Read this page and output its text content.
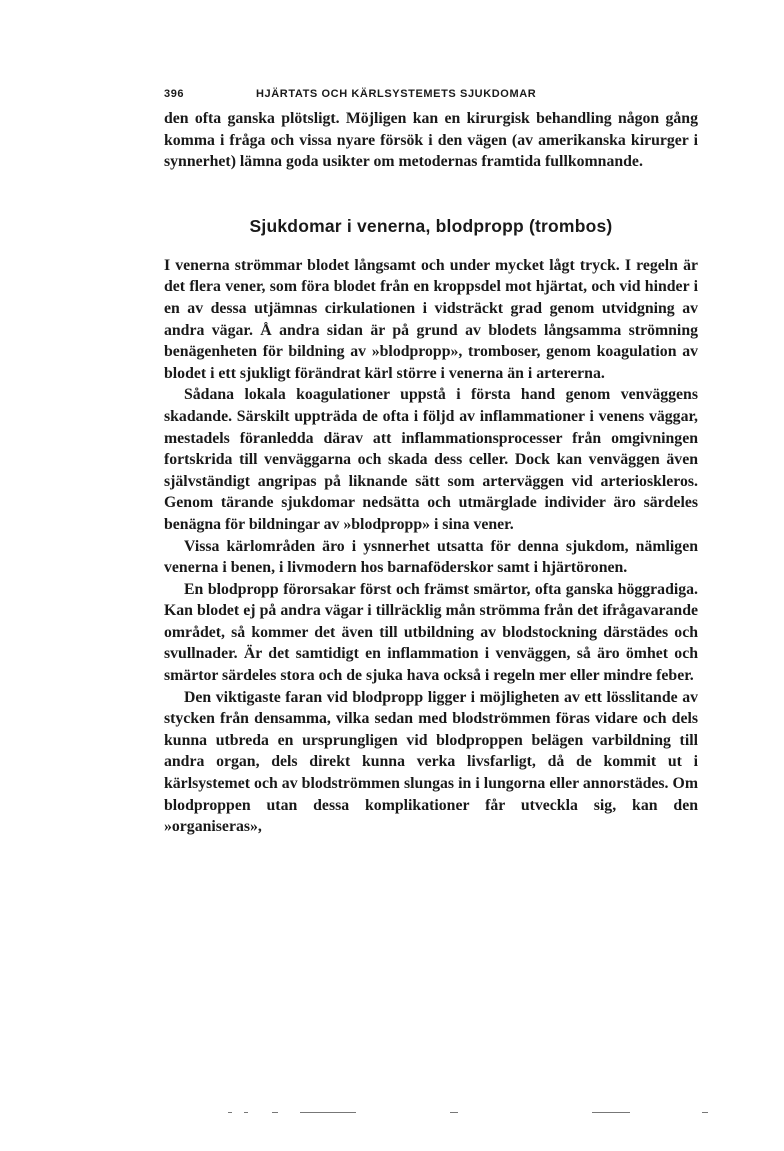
396	HJÄRTATS OCH KÄRLSYSTEMETS SJUKDOMAR

den ofta ganska plötsligt. Möjligen kan en kirurgisk behandling någon gång komma i fråga och vissa nyare försök i den vägen (av amerikanska kirurger i synnerhet) lämna goda usikter om metodernas framtida fullkomnande.

Sjukdomar i venerna, blodpropp (trombos)

I venerna strömmar blodet långsamt och under mycket lågt tryck. I regeln är det flera vener, som föra blodet från en kroppsdel mot hjärtat, och vid hinder i en av dessa utjämnas cirkulationen i vidsträckt grad genom utvidgning av andra vägar. Å andra sidan är på grund av blodets långsamma strömning benägenheten för bildning av »blodpropp», tromboser, genom koagulation av blodet i ett sjukligt förändrat kärl större i venerna än i artererna.

Sådana lokala koagulationer uppstå i första hand genom venväggens skadande. Särskilt uppträda de ofta i följd av inflammationer i venens väggar, mestadels föranledda därav att inflammationsprocesser från omgivningen fortskrida till venväggarna och skada dess celler. Dock kan venväggen även självständigt angripas på liknande sätt som arterväggen vid arterioskleros. Genom tärande sjukdomar nedsätta och utmärglade individer äro särdeles benägna för bildningar av »blodpropp» i sina vener.

Vissa kärlområden äro i ysnnerhet utsatta för denna sjukdom, nämligen venerna i benen, i livmodern hos barnaföderskor samt i hjärtöronen.

En blodpropp förorsakar först och främst smärtor, ofta ganska höggradiga. Kan blodet ej på andra vägar i tillräcklig mån strömma från det ifrågavarande området, så kommer det även till utbildning av blodstockning därstädes och svullnader. Är det samtidigt en inflammation i venväggen, så äro ömhet och smärtor särdeles stora och de sjuka hava också i regeln mer eller mindre feber.

Den viktigaste faran vid blodpropp ligger i möjligheten av ett lösslitande av stycken från densamma, vilka sedan med blodströmmen föras vidare och dels kunna utbreda en ursprungligen vid blodproppen belägen varbildning till andra organ, dels direkt kunna verka livsfarligt, då de kommit ut i kärlsystemet och av blodströmmen slungas in i lungorna eller annorstädes. Om blodproppen utan dessa komplikationer får utveckla sig, kan den »organiseras»,
